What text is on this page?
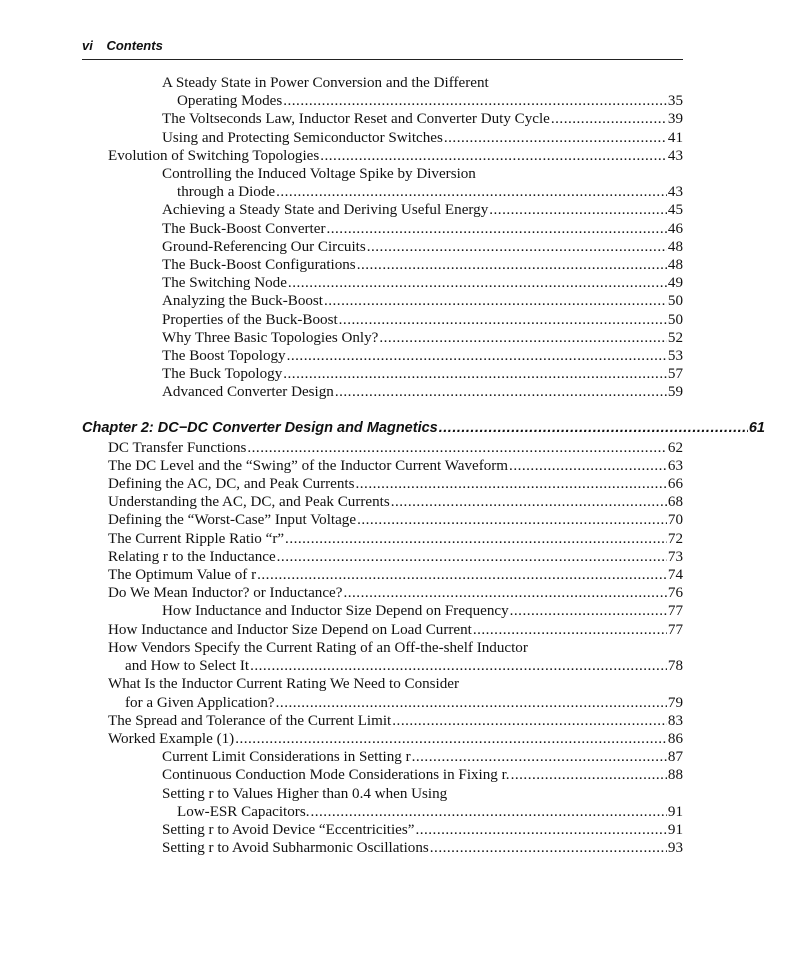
vi Contents
A Steady State in Power Conversion and the Different
Operating Modes .....	35
The Voltseconds Law, Inductor Reset and Converter Duty Cycle .....	39
Using and Protecting Semiconductor Switches .....	41
Evolution of Switching Topologies .....	43
Controlling the Induced Voltage Spike by Diversion
through a Diode .....	43
Achieving a Steady State and Deriving Useful Energy .....	45
The Buck-Boost Converter .....	46
Ground-Referencing Our Circuits .....	48
The Buck-Boost Configurations .....	48
The Switching Node .....	49
Analyzing the Buck-Boost .....	50
Properties of the Buck-Boost .....	50
Why Three Basic Topologies Only? .....	52
The Boost Topology .....	53
The Buck Topology .....	57
Advanced Converter Design .....	59
Chapter 2: DC−DC Converter Design and Magnetics .....	61
DC Transfer Functions .....	62
The DC Level and the “Swing” of the Inductor Current Waveform .....	63
Defining the AC, DC, and Peak Currents .....	66
Understanding the AC, DC, and Peak Currents .....	68
Defining the “Worst-Case” Input Voltage .....	70
The Current Ripple Ratio “r” .....	72
Relating r to the Inductance .....	73
The Optimum Value of r .....	74
Do We Mean Inductor? or Inductance? .....	76
How Inductance and Inductor Size Depend on Frequency .....	77
How Inductance and Inductor Size Depend on Load Current .....	77
How Vendors Specify the Current Rating of an Off-the-shelf Inductor
and How to Select It .....	78
What Is the Inductor Current Rating We Need to Consider
for a Given Application? .....	79
The Spread and Tolerance of the Current Limit .....	83
Worked Example (1) .....	86
Current Limit Considerations in Setting r .....	87
Continuous Conduction Mode Considerations in Fixing r. .....	88
Setting r to Values Higher than 0.4 when Using
Low-ESR Capacitors. .....	91
Setting r to Avoid Device “Eccentricities” .....	91
Setting r to Avoid Subharmonic Oscillations .....	93
